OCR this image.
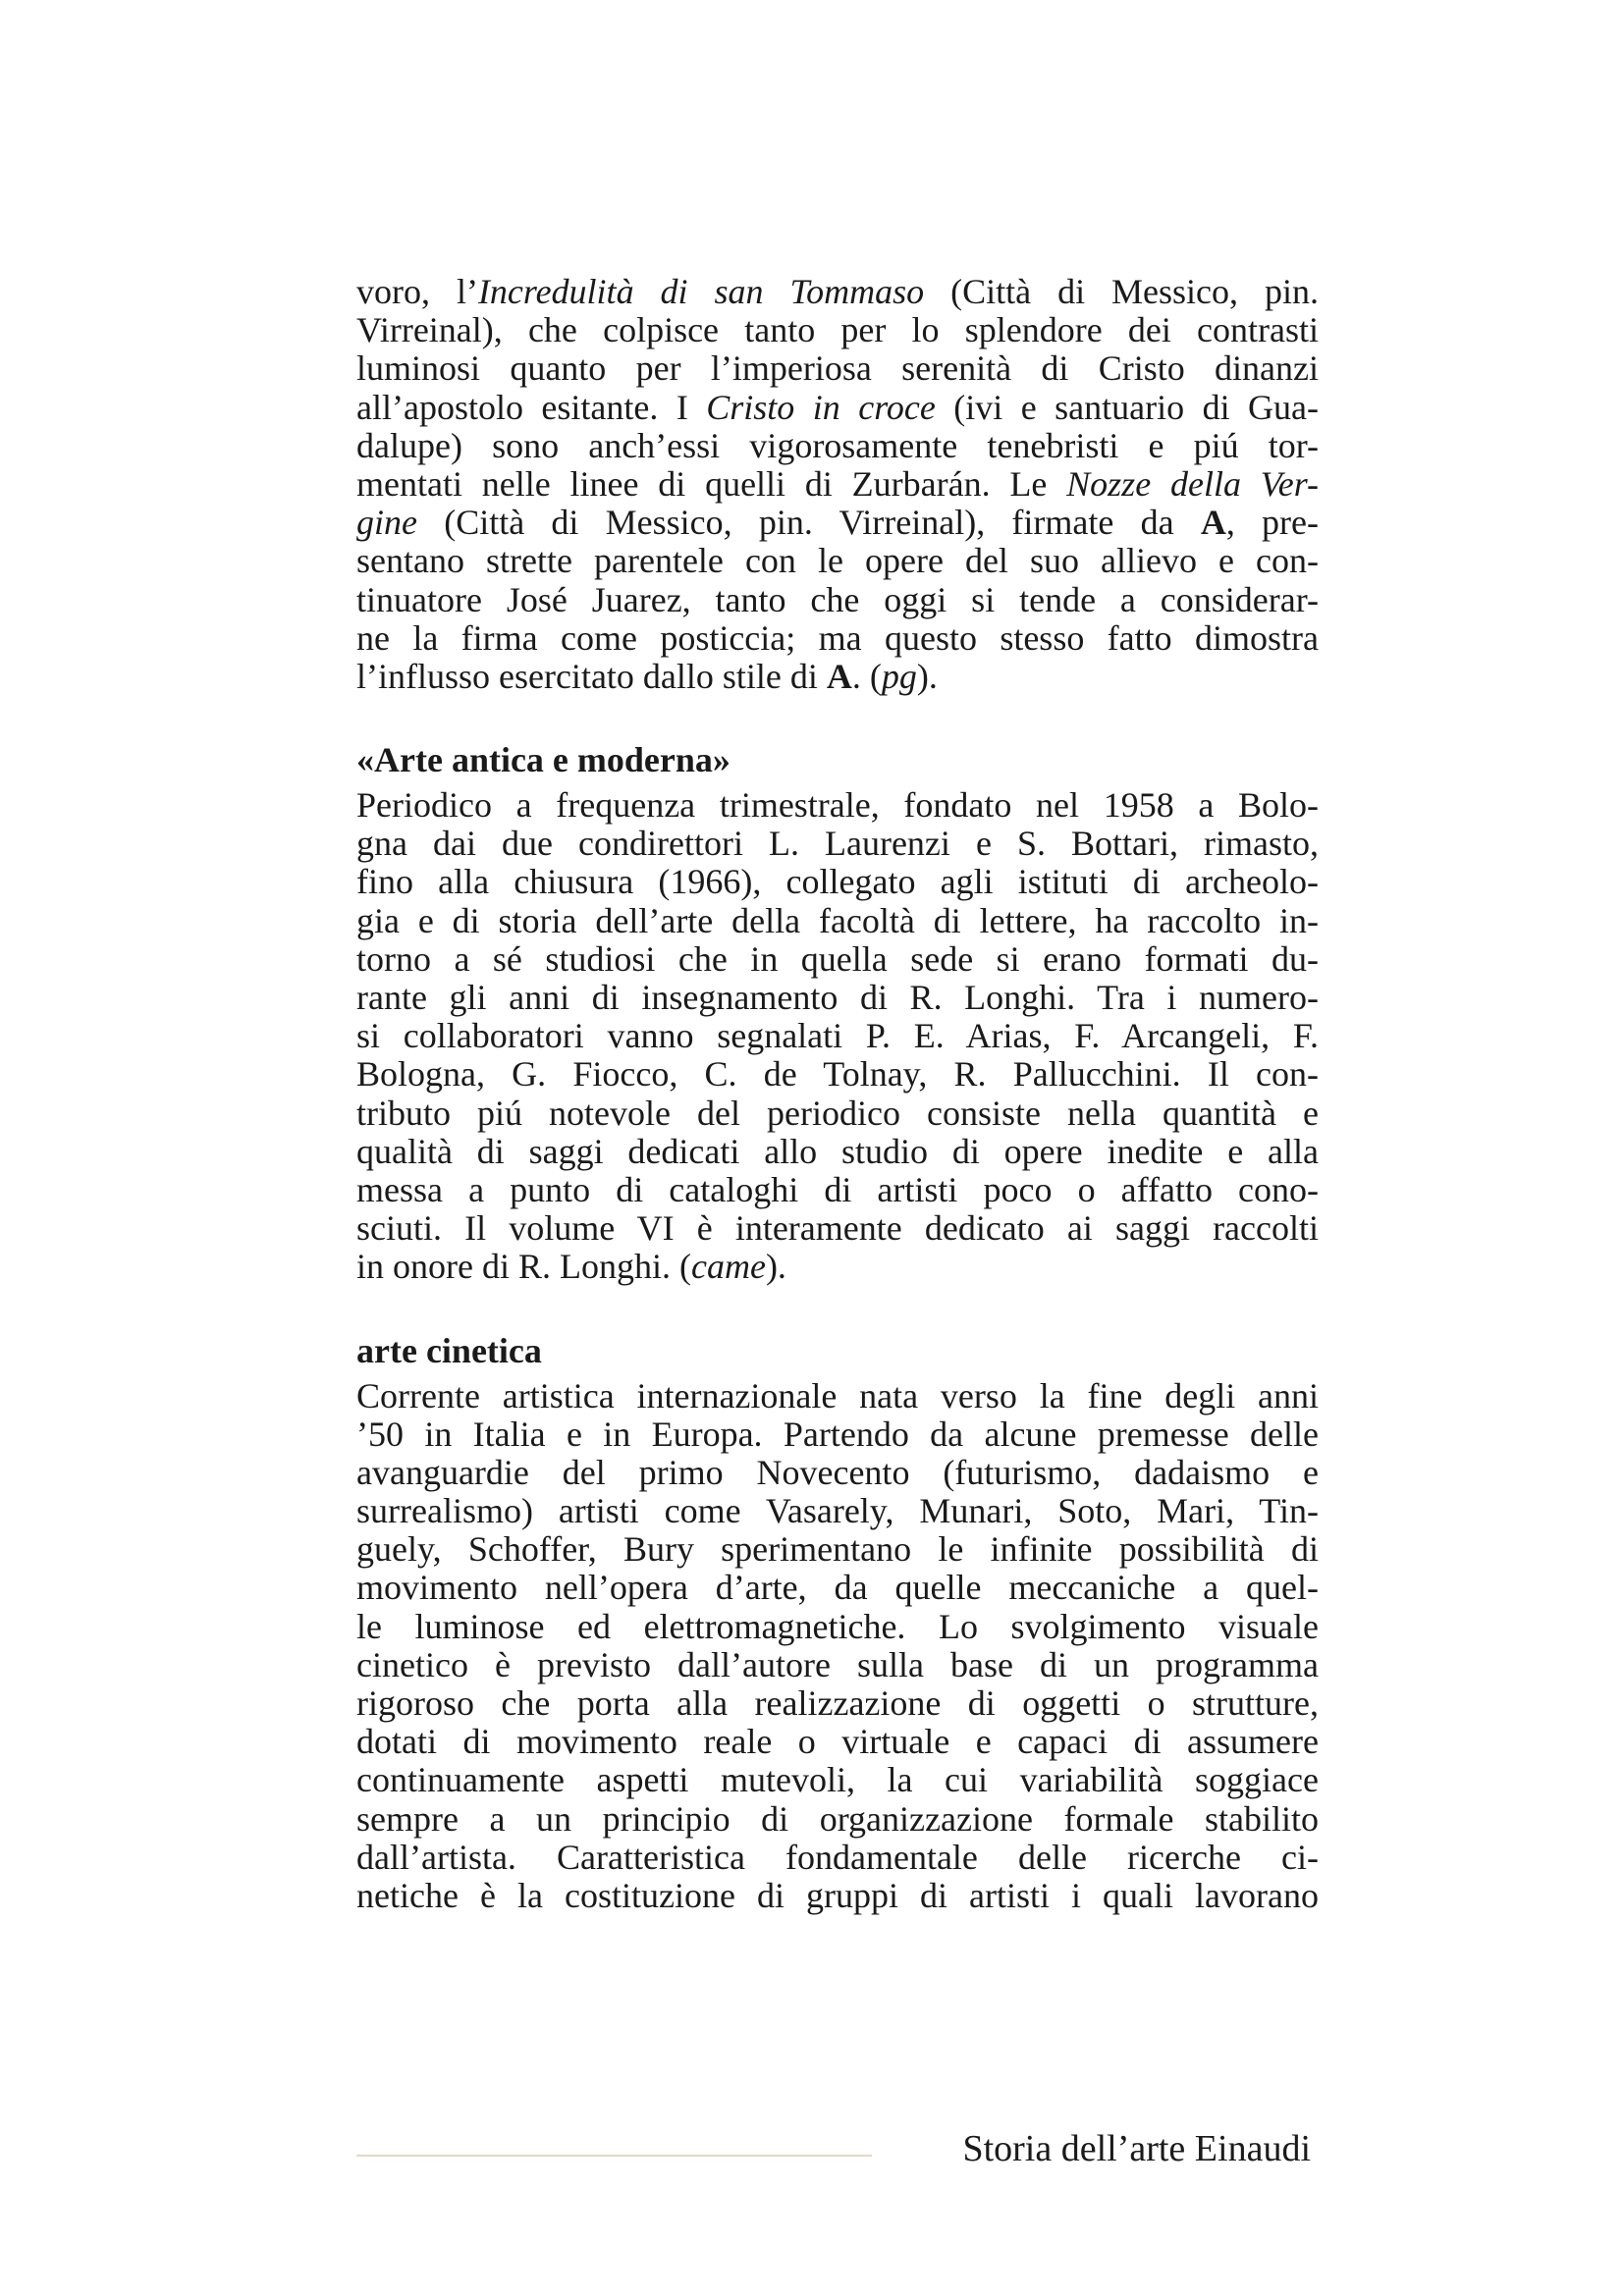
voro, l’Incredulità di san Tommaso (Città di Messico, pin.
Virreinal), che colpisce tanto per lo splendore dei contrasti
luminosi quanto per l’imperiosa serenità di Cristo dinanzi
all’apostolo esitante. I Cristo in croce (ivi e santuario di Gua-
dalupe) sono anch’essi vigorosamente tenebristi e piú tor-
mentati nelle linee di quelli di Zurbarán. Le Nozze della Ver-
gine (Città di Messico, pin. Virreinal), firmate da A, pre-
sentano strette parentele con le opere del suo allievo e con-
tinuatore José Juarez, tanto che oggi si tende a considerar-
ne la firma come posticcia; ma questo stesso fatto dimostra
l’influsso esercitato dallo stile di A. (pg).
«Arte antica e moderna»
Periodico a frequenza trimestrale, fondato nel 1958 a Bolo-
gna dai due condirettori L. Laurenzi e S. Bottari, rimasto,
fino alla chiusura (1966), collegato agli istituti di archeolo-
gia e di storia dell’arte della facoltà di lettere, ha raccolto in-
torno a sé studiosi che in quella sede si erano formati du-
rante gli anni di insegnamento di R. Longhi. Tra i numero-
si collaboratori vanno segnalati P. E. Arias, F. Arcangeli, F.
Bologna, G. Fiocco, C. de Tolnay, R. Pallucchini. Il con-
tributo piú notevole del periodico consiste nella quantità e
qualità di saggi dedicati allo studio di opere inedite e alla
messa a punto di cataloghi di artisti poco o affatto cono-
sciuti. Il volume VI è interamente dedicato ai saggi raccolti
in onore di R. Longhi. (came).
arte cinetica
Corrente artistica internazionale nata verso la fine degli anni
’50 in Italia e in Europa. Partendo da alcune premesse delle
avanguardie del primo Novecento (futurismo, dadaismo e
surrealismo) artisti come Vasarely, Munari, Soto, Mari, Tin-
guely, Schoffer, Bury sperimentano le infinite possibilità di
movimento nell’opera d’arte, da quelle meccaniche a quel-
le luminose ed elettromagnetiche. Lo svolgimento visuale
cinetico è previsto dall’autore sulla base di un programma
rigoroso che porta alla realizzazione di oggetti o strutture,
dotati di movimento reale o virtuale e capaci di assumere
continuamente aspetti mutevoli, la cui variabilità soggiace
sempre a un principio di organizzazione formale stabilito
dall’artista. Caratteristica fondamentale delle ricerche ci-
netiche è la costituzione di gruppi di artisti i quali lavorano
Storia dell’arte Einaudi
